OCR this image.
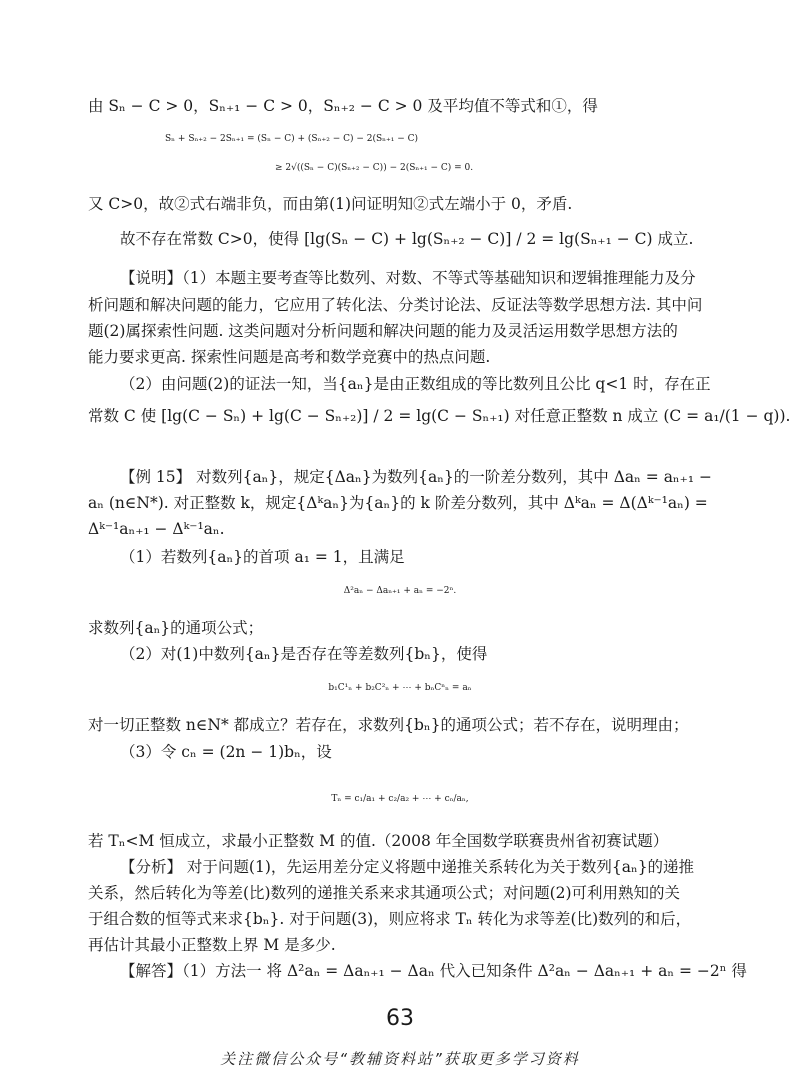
由 Sₙ − C > 0，Sₙ₊₁ − C > 0，Sₙ₊₂ − C > 0 及平均值不等式和①，得
Sₙ + Sₙ₊₂ − 2Sₙ₊₁ = (Sₙ − C) + (Sₙ₊₂ − C) − 2(Sₙ₊₁ − C)
≥ 2√((Sₙ − C)(Sₙ₊₂ − C)) − 2(Sₙ₊₁ − C) = 0.
又 C>0，故②式右端非负，而由第(1)问证明知②式左端小于 0，矛盾.
故不存在常数 C>0，使得 [lg(Sₙ − C) + lg(Sₙ₊₂ − C)] / 2 = lg(Sₙ₊₁ − C) 成立.
【说明】（1）本题主要考查等比数列、对数、不等式等基础知识和逻辑推理能力及分
析问题和解决问题的能力，它应用了转化法、分类讨论法、反证法等数学思想方法. 其中问
题(2)属探索性问题. 这类问题对分析问题和解决问题的能力及灵活运用数学思想方法的
能力要求更高. 探索性问题是高考和数学竞赛中的热点问题.
（2）由问题(2)的证法一知，当{aₙ}是由正数组成的等比数列且公比 q<1 时，存在正
常数 C 使 [lg(C − Sₙ) + lg(C − Sₙ₊₂)] / 2 = lg(C − Sₙ₊₁) 对任意正整数 n 成立 (C = a₁/(1 − q)).
【例 15】 对数列{aₙ}，规定{Δaₙ}为数列{aₙ}的一阶差分数列，其中 Δaₙ = aₙ₊₁ −
aₙ (n∈N*). 对正整数 k，规定{Δᵏaₙ}为{aₙ}的 k 阶差分数列，其中 Δᵏaₙ = Δ(Δᵏ⁻¹aₙ) =
Δᵏ⁻¹aₙ₊₁ − Δᵏ⁻¹aₙ.
（1）若数列{aₙ}的首项 a₁ = 1，且满足
Δ²aₙ − Δaₙ₊₁ + aₙ = −2ⁿ.
求数列{aₙ}的通项公式；
（2）对(1)中数列{aₙ}是否存在等差数列{bₙ}，使得
b₁C¹ₙ + b₂C²ₙ + ⋯ + bₙCⁿₙ = aₙ
对一切正整数 n∈N* 都成立？若存在，求数列{bₙ}的通项公式；若不存在，说明理由；
（3）令 cₙ = (2n − 1)bₙ，设
Tₙ = c₁/a₁ + c₂/a₂ + ⋯ + cₙ/aₙ,
若 Tₙ<M 恒成立，求最小正整数 M 的值.（2008 年全国数学联赛贵州省初赛试题）
【分析】 对于问题(1)，先运用差分定义将题中递推关系转化为关于数列{aₙ}的递推
关系，然后转化为等差(比)数列的递推关系来求其通项公式；对问题(2)可利用熟知的关
于组合数的恒等式来求{bₙ}. 对于问题(3)，则应将求 Tₙ 转化为求等差(比)数列的和后，
再估计其最小正整数上界 M 是多少.
【解答】（1）方法一 将 Δ²aₙ = Δaₙ₊₁ − Δaₙ 代入已知条件 Δ²aₙ − Δaₙ₊₁ + aₙ = −2ⁿ 得
63
关注微信公众号“教辅资料站”获取更多学习资料
